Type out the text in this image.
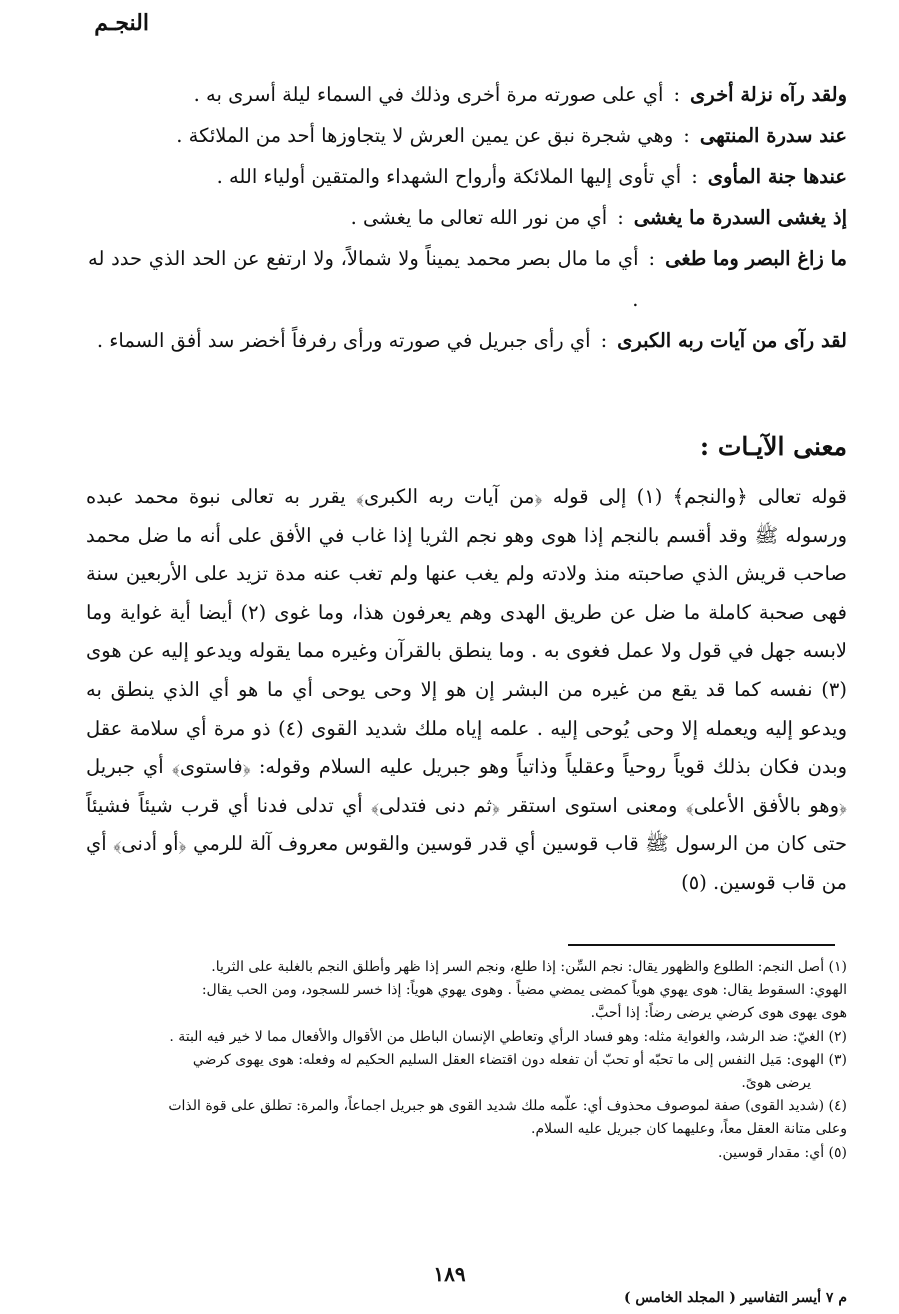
النجـم
ولقد رآه نزلة أخرى
:
أي على صورته مرة أخرى وذلك في السماء ليلة أسرى به .
عند سدرة المنتهى
:
وهي شجرة نبق عن يمين العرش لا يتجاوزها أحد من الملائكة .
عندها جنة المأوى
:
أي تأوى إليها الملائكة وأرواح الشهداء والمتقين أولياء الله .
إذ يغشى السدرة ما يغشى
:
أي من نور الله تعالى ما يغشى .
ما زاغ البصر وما طغى
:
أي ما مال بصر محمد يميناً ولا شمالاً، ولا ارتفع عن الحد الذي حدد له .
لقد رآى من آيات ربه الكبرى
:
أي رأى جبريل في صورته ورأى رفرفاً أخضر سد أفق السماء .
معنى الآيـات :
قوله تعالى ﴿والنجم﴾ (١) إلى قوله ﴿من آيات ربه الكبرى﴾ يقرر به تعالى نبوة محمد عبده ورسوله ﷺ وقد أقسم بالنجم إذا هوى وهو نجم الثريا إذا غاب في الأفق على أنه ما ضل محمد صاحب قريش الذي صاحبته منذ ولادته ولم يغب عنها ولم تغب عنه مدة تزيد على الأربعين سنة فهى صحبة كاملة ما ضل عن طريق الهدى وهم يعرفون هذا، وما غوى (٢) أيضا أية غواية وما لابسه جهل في قول ولا عمل فغوى به . وما ينطق بالقرآن وغيره مما يقوله ويدعو إليه عن هوى (٣) نفسه كما قد يقع من غيره من البشر إن هو إلا وحى يوحى أي ما هو أي الذي ينطق به ويدعو إليه ويعمله إلا وحى يُوحى إليه . علمه إياه ملك شديد القوى (٤) ذو مرة أي سلامة عقل وبدن فكان بذلك قوياً روحياً وعقلياً وذاتياً وهو جبريل عليه السلام وقوله: ﴿فاستوى﴾ أي جبريل ﴿وهو بالأفق الأعلى﴾ ومعنى استوى استقر ﴿ثم دنى فتدلى﴾ أي تدلى فدنا أي قرب شيئاً فشيئاً حتى كان من الرسول ﷺ قاب قوسين أي قدر قوسين والقوس معروف آلة للرمي ﴿أو أدنى﴾ أي من قاب قوسين. (٥)

(١) أصل النجم: الطلوع والظهور يقال: نجم السِّن: إذا طلع، ونجم السر إذا ظهر وأطلق النجم بالغلبة على الثريا.

الهوي: السقوط يقال: هوى يهوي هوياً كمضى يمضي مضياً . وهوى يهوي هوياً: إذا خسر للسجود، ومن الحب يقال:

هوى يهوى هوى كرضي يرضى رضاً: إذا أحبَّ.

(٢) الغيّ: ضد الرشد، والغواية مثله: وهو فساد الرأي وتعاطي الإنسان الباطل من الأقوال والأفعال مما لا خير فيه البتة .

(٣) الهوى: مَيل النفس إلى ما تحبّه أو تحبّ أن تفعله دون اقتضاء العقل السليم الحكيم له وفعله: هوى يهوى كرضي

يرضى هوىً.

(٤) (شديد القوى) صفة لموصوف محذوف أي: علّمه ملك شديد القوى هو جبريل اجماعاً، والمرة: تطلق على قوة الذات

وعلى متانة العقل معاً، وعليهما كان جبريل عليه السلام.

(٥) أي: مقدار قوسين.

١٨٩
م ٧ أيسر التفاسير ( المجلد الخامس )
